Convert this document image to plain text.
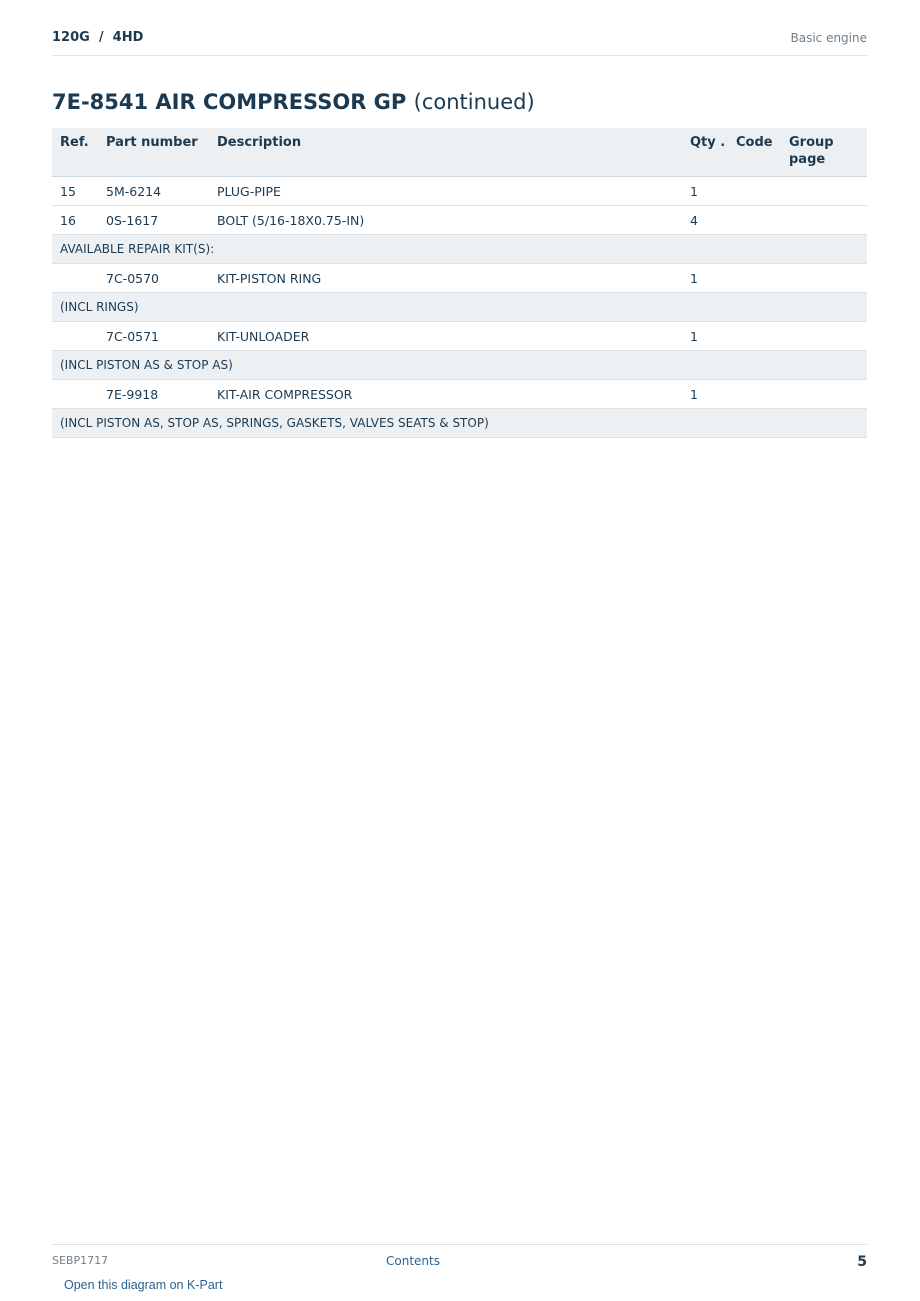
120G  /  4HD	Basic engine
7E-8541 AIR COMPRESSOR GP (continued)
Ref.	Part number	Description	Qty .	Code	Group page
15	5M-6214	PLUG-PIPE	1		
16	0S-1617	BOLT (5/16-18X0.75-IN)	4		
AVAILABLE REPAIR KIT(S):					
	7C-0570	KIT-PISTON RING	1		
(INCL RINGS)					
	7C-0571	KIT-UNLOADER	1		
(INCL PISTON AS & STOP AS)					
	7E-9918	KIT-AIR COMPRESSOR	1		
(INCL PISTON AS, STOP AS, SPRINGS, GASKETS, VALVES SEATS & STOP)					
SEBP1717	Contents	5
Open this diagram on K-Part
